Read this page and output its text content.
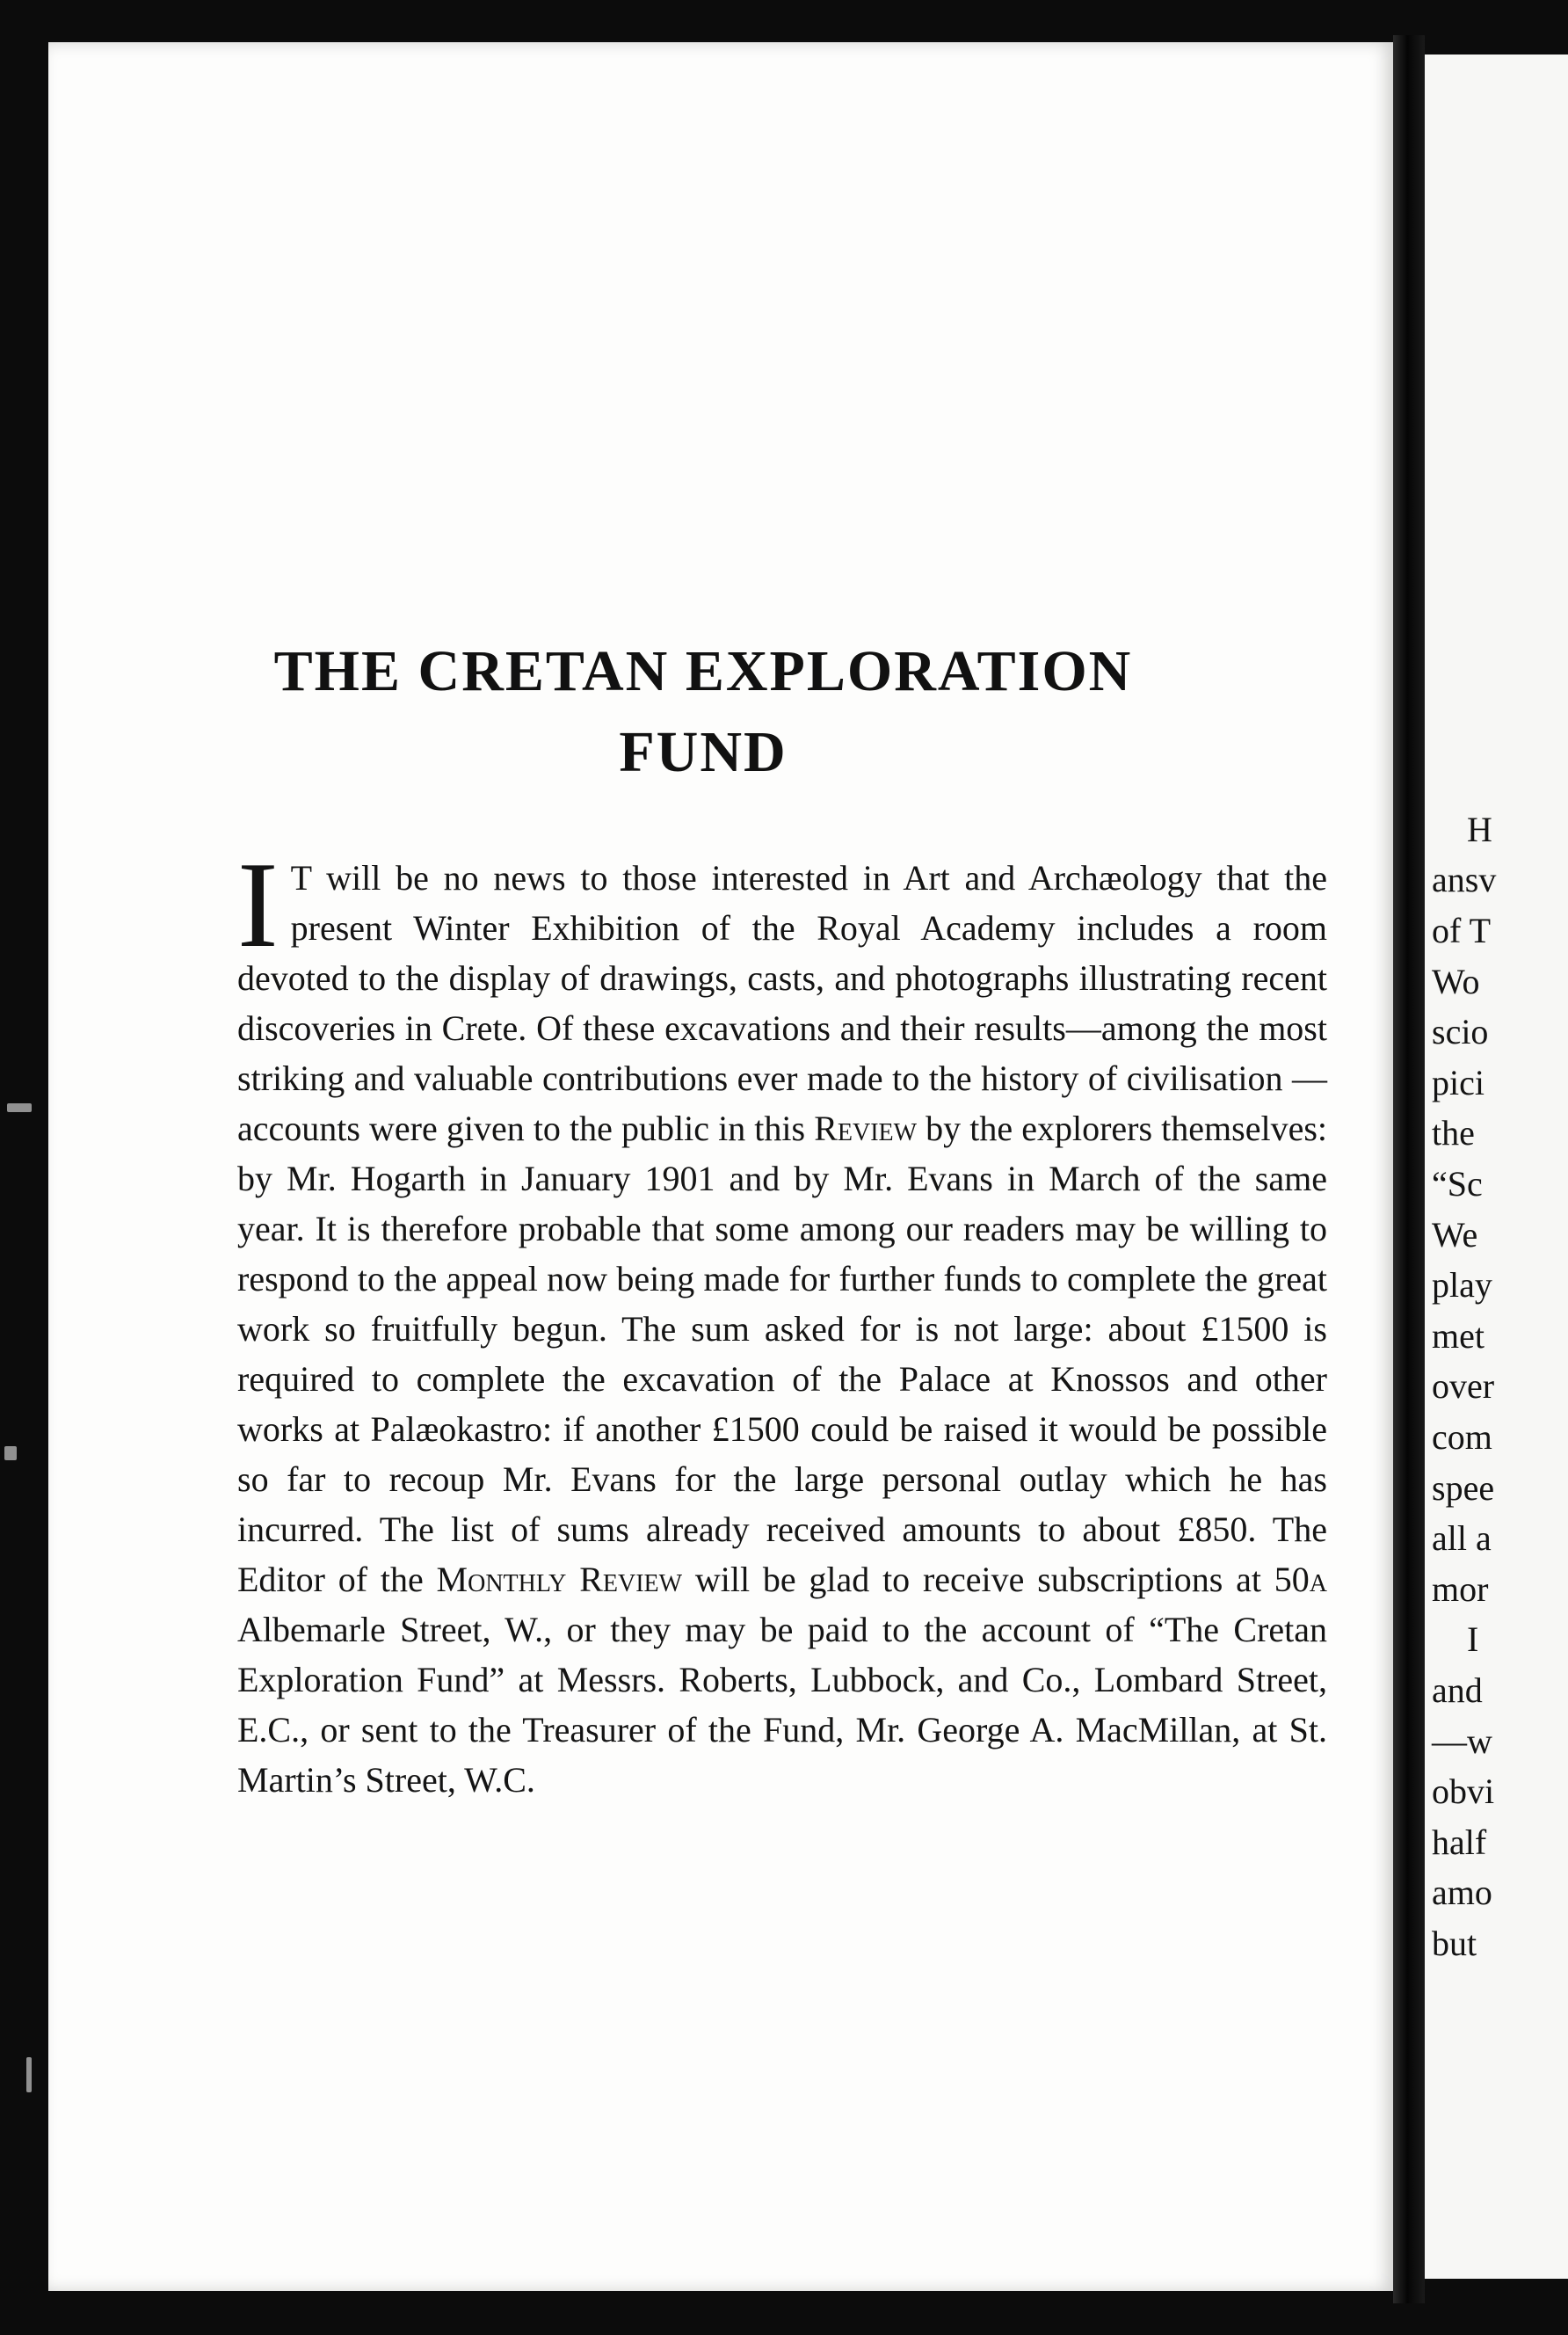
THE CRETAN EXPLORATION
FUND

I T will be no news to those interested in Art and Archæology that the present Winter Exhibition of the Royal Academy includes a room devoted to the display of drawings, casts, and photographs illustrating recent discoveries in Crete. Of these excavations and their results—among the most striking and valuable contributions ever made to the history of civilisation —accounts were given to the public in this Review by the explorers themselves: by Mr. Hogarth in January 1901 and by Mr. Evans in March of the same year. It is therefore probable that some among our readers may be willing to respond to the appeal now being made for further funds to complete the great work so fruitfully begun. The sum asked for is not large: about £1500 is required to complete the excavation of the Palace at Knossos and other works at Palæokastro: if another £1500 could be raised it would be possible so far to recoup Mr. Evans for the large personal outlay which he has incurred. The list of sums already received amounts to about £850. The Editor of the Monthly Review will be glad to receive subscriptions at 50a Albemarle Street, W., or they may be paid to the account of “The Cretan Exploration Fund” at Messrs. Roberts, Lubbock, and Co., Lombard Street, E.C., or sent to the Treasurer of the Fund, Mr. George A. MacMillan, at St. Martin’s Street, W.C.

H
ansv
of T
Wo
scio
pici
the
“Sc
We
play
met
over
com
spee
all a
mor
I
and
—w
obvi
half
amo
but
